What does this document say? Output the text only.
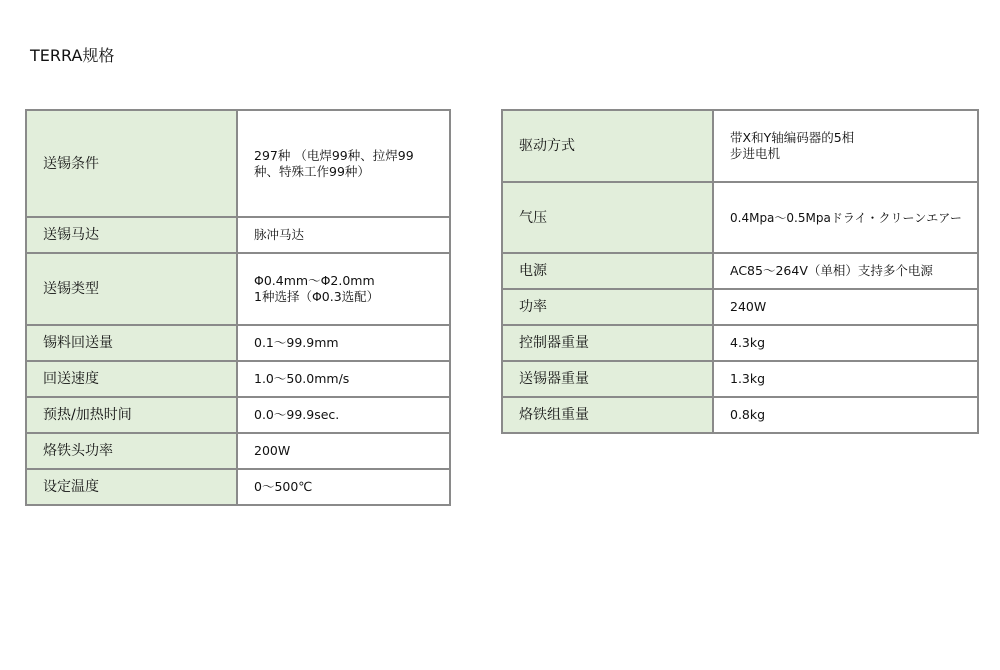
TERRA规格
送锡条件	297种 （电焊99种、拉焊99
种、特殊工作99种）
送锡马达	脉冲马达
送锡类型	Φ0.4mm～Φ2.0mm
1种选择（Φ0.3选配）
锡料回送量	0.1～99.9mm
回送速度	1.0～50.0mm/s
预热/加热时间	0.0～99.9sec.
烙铁头功率	200W
设定温度	0～500℃
驱动方式	带X和Y轴编码器的5相
步进电机
气压	0.4Mpa～0.5Mpaドライ・クリーンエアー
电源	AC85～264V（单相）支持多个电源
功率	240W
控制器重量	4.3kg
送锡器重量	1.3kg
烙铁组重量	0.8kg
